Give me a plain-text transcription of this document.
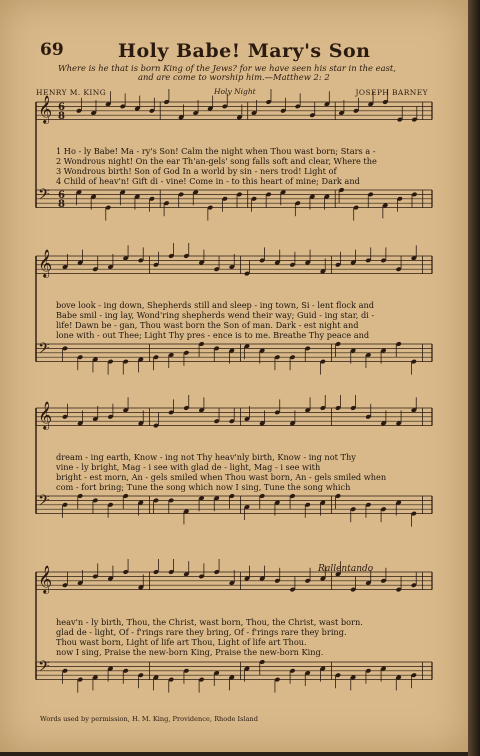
69	Holy Babe! Mary's Son
Where is he that is born King of the Jews? for we have seen his star in the east,
and are come to worship him.—Matthew 2: 2
HENRY M. KING	Holy Night	JOSEPH BARNEY
𝄞 6
8
𝄢 6
8
𝄞
𝄢
𝄞
𝄢
𝄞
𝄢
1 Ho - ly Babe! Ma - ry's Son! Calm the night when Thou wast born; Stars a -
2 Wondrous night! On the ear Th'an-gels' song falls soft and clear, Where the
3 Wondrous birth! Son of God In a world by sin - ners trod! Light of
4 Child of heav'n! Gift di - vine! Come in - to this heart of mine; Dark and
bove look - ing down, Shepherds still and sleep - ing town, Si - lent flock and
Babe smil - ing lay, Wond'ring shepherds wend their way; Guid - ing star, di -
life! Dawn be - gan, Thou wast born the Son of man. Dark - est night and
lone with - out Thee; Light Thy pres - ence is to me. Breathe Thy peace and
dream - ing earth, Know - ing not Thy heav'nly birth, Know - ing not Thy
vine - ly bright, Mag - i see with glad de - light, Mag - i see with
bright - est morn, An - gels smiled when Thou wast born, An - gels smiled when
com - fort bring; Tune the song which now I sing, Tune the song which
Rallentando
heav'n - ly birth, Thou, the Christ, wast born, Thou, the Christ, wast born.
glad de - light, Of - f'rings rare they bring, Of - f'rings rare they bring.
Thou wast born, Light of life art Thou, Light of life art Thou.
now I sing, Praise the new-born King, Praise the new-born King.
Words used by permission, H. M. King, Providence, Rhode Island
